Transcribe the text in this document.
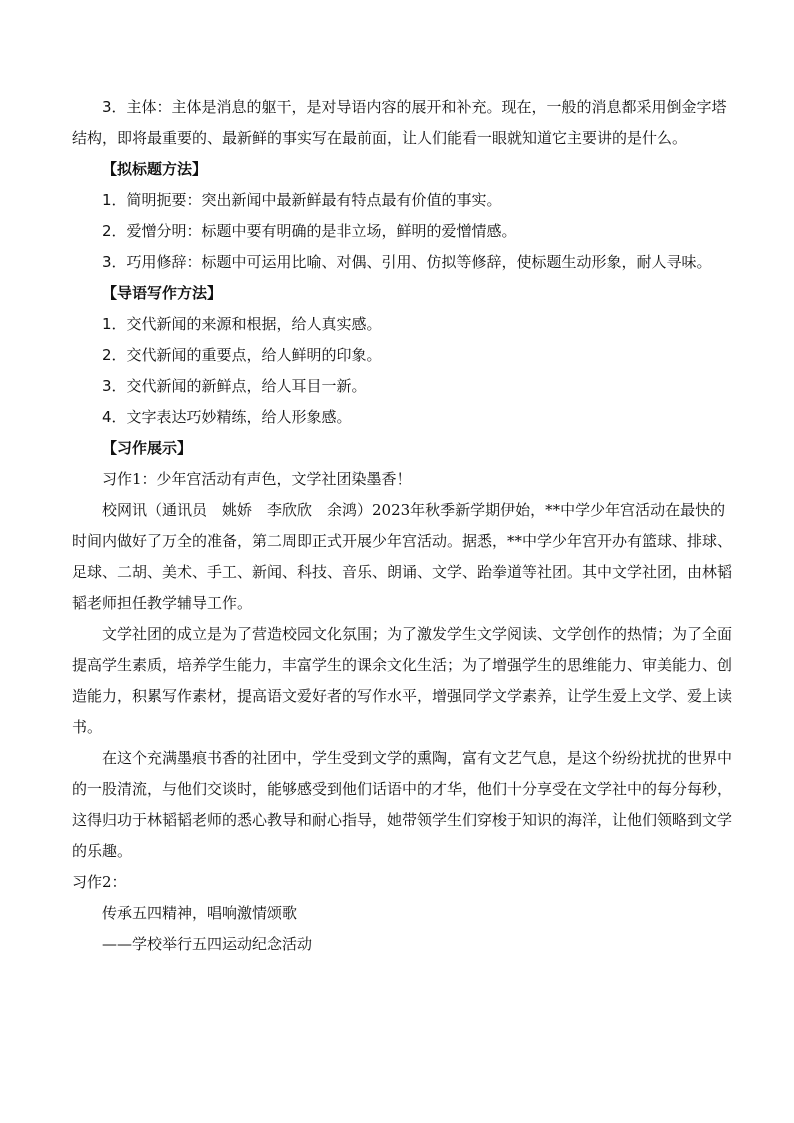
3．主体：主体是消息的躯干，是对导语内容的展开和补充。现在，一般的消息都采用倒金字塔结构，即将最重要的、最新鲜的事实写在最前面，让人们能看一眼就知道它主要讲的是什么。

【拟标题方法】

1．简明扼要：突出新闻中最新鲜最有特点最有价值的事实。

2．爱憎分明：标题中要有明确的是非立场，鲜明的爱憎情感。

3．巧用修辞：标题中可运用比喻、对偶、引用、仿拟等修辞，使标题生动形象，耐人寻味。

【导语写作方法】

1．交代新闻的来源和根据，给人真实感。

2．交代新闻的重要点，给人鲜明的印象。

3．交代新闻的新鲜点，给人耳目一新。

4．文字表达巧妙精练，给人形象感。

【习作展示】

习作1：少年宫活动有声色，文学社团染墨香！

校网讯（通讯员　姚娇　李欣欣　余鸿）2023年秋季新学期伊始，**中学少年宫活动在最快的时间内做好了万全的准备，第二周即正式开展少年宫活动。据悉，**中学少年宫开办有篮球、排球、足球、二胡、美术、手工、新闻、科技、音乐、朗诵、文学、跆拳道等社团。其中文学社团，由林韬韬老师担任教学辅导工作。

文学社团的成立是为了营造校园文化氛围；为了激发学生文学阅读、文学创作的热情；为了全面提高学生素质，培养学生能力，丰富学生的课余文化生活；为了增强学生的思维能力、审美能力、创造能力，积累写作素材，提高语文爱好者的写作水平，增强同学文学素养，让学生爱上文学、爱上读书。

在这个充满墨痕书香的社团中，学生受到文学的熏陶，富有文艺气息，是这个纷纷扰扰的世界中的一股清流，与他们交谈时，能够感受到他们话语中的才华，他们十分享受在文学社中的每分每秒，这得归功于林韬韬老师的悉心教导和耐心指导，她带领学生们穿梭于知识的海洋，让他们领略到文学的乐趣。

习作2：

传承五四精神，唱响激情颂歌

——学校举行五四运动纪念活动
